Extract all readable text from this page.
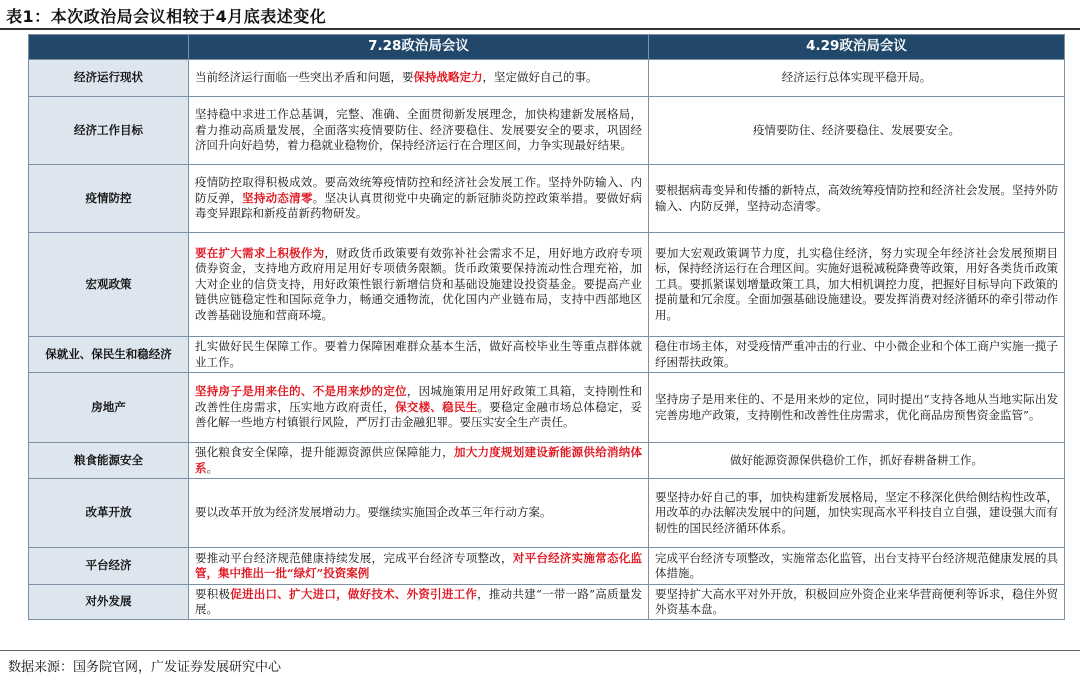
表1：本次政治局会议相较于4月底表述变化
	7.28政治局会议	4.29政治局会议
经济运行现状	当前经济运行面临一些突出矛盾和问题，要保持战略定力，坚定做好自己的事。	经济运行总体实现平稳开局。
经济工作目标	坚持稳中求进工作总基调，完整、准确、全面贯彻新发展理念，加快构建新发展格局，着力推动高质量发展，全面落实疫情要防住、经济要稳住、发展要安全的要求，巩固经济回升向好趋势，着力稳就业稳物价，保持经济运行在合理区间，力争实现最好结果。	疫情要防住、经济要稳住、发展要安全。
疫情防控	疫情防控取得积极成效。要高效统筹疫情防控和经济社会发展工作。坚持外防输入、内防反弹，坚持动态清零。坚决认真贯彻党中央确定的新冠肺炎防控政策举措。要做好病毒变异跟踪和新疫苗新药物研发。	要根据病毒变异和传播的新特点，高效统筹疫情防控和经济社会发展。坚持外防输入、内防反弹，坚持动态清零。
宏观政策	要在扩大需求上积极作为，财政货币政策要有效弥补社会需求不足，用好地方政府专项债券资金，支持地方政府用足用好专项债务限额。货币政策要保持流动性合理充裕，加大对企业的信贷支持，用好政策性银行新增信贷和基础设施建设投资基金。要提高产业链供应链稳定性和国际竞争力，畅通交通物流，优化国内产业链布局，支持中西部地区改善基础设施和营商环境。	要加大宏观政策调节力度，扎实稳住经济，努力实现全年经济社会发展预期目标，保持经济运行在合理区间。实施好退税减税降费等政策，用好各类货币政策工具。要抓紧谋划增量政策工具，加大相机调控力度，把握好目标导向下政策的提前量和冗余度。全面加强基础设施建设。要发挥消费对经济循环的牵引带动作用。
保就业、保民生和稳经济	扎实做好民生保障工作。要着力保障困难群众基本生活，做好高校毕业生等重点群体就业工作。	稳住市场主体，对受疫情严重冲击的行业、中小微企业和个体工商户实施一揽子纾困帮扶政策。
房地产	坚持房子是用来住的、不是用来炒的定位，因城施策用足用好政策工具箱，支持刚性和改善性住房需求，压实地方政府责任，保交楼、稳民生。要稳定金融市场总体稳定，妥善化解一些地方村镇银行风险，严厉打击金融犯罪。要压实安全生产责任。	坚持房子是用来住的、不是用来炒的定位，同时提出“支持各地从当地实际出发完善房地产政策，支持刚性和改善性住房需求，优化商品房预售资金监管”。
粮食能源安全	强化粮食安全保障，提升能源资源供应保障能力，加大力度规划建设新能源供给消纳体系。	做好能源资源保供稳价工作，抓好春耕备耕工作。
改革开放	要以改革开放为经济发展增动力。要继续实施国企改革三年行动方案。	要坚持办好自己的事，加快构建新发展格局，坚定不移深化供给侧结构性改革，用改革的办法解决发展中的问题，加快实现高水平科技自立自强，建设强大而有韧性的国民经济循环体系。
平台经济	要推动平台经济规范健康持续发展，完成平台经济专项整改，对平台经济实施常态化监管，集中推出一批“绿灯”投资案例	完成平台经济专项整改，实施常态化监管，出台支持平台经济规范健康发展的具体措施。
对外发展	要积极促进出口、扩大进口，做好技术、外资引进工作，推动共建“一带一路”高质量发展。	要坚持扩大高水平对外开放，积极回应外资企业来华营商便利等诉求，稳住外贸外资基本盘。
数据来源：国务院官网，广发证券发展研究中心
